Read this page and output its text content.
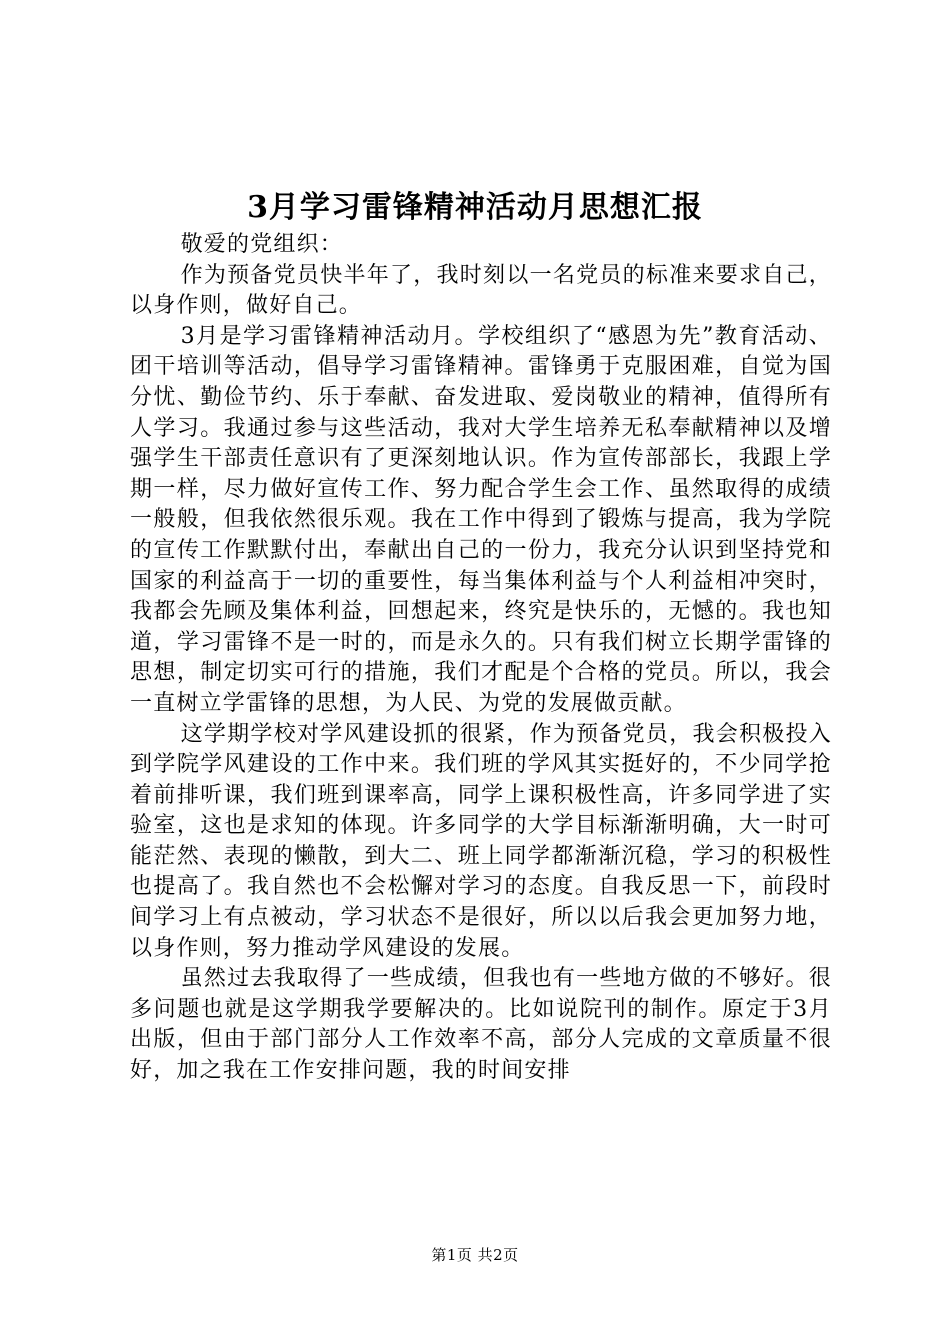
3月学习雷锋精神活动月思想汇报

敬爱的党组织：

作为预备党员快半年了，我时刻以一名党员的标准来要求自己，以身作则，做好自己。

3月是学习雷锋精神活动月。学校组织了“感恩为先”教育活动、团干培训等活动，倡导学习雷锋精神。雷锋勇于克服困难，自觉为国分忧、勤俭节约、乐于奉献、奋发进取、爱岗敬业的精神，值得所有人学习。我通过参与这些活动，我对大学生培养无私奉献精神以及增强学生干部责任意识有了更深刻地认识。作为宣传部部长，我跟上学期一样，尽力做好宣传工作、努力配合学生会工作、虽然取得的成绩一般般，但我依然很乐观。我在工作中得到了锻炼与提高，我为学院的宣传工作默默付出，奉献出自己的一份力，我充分认识到坚持党和国家的利益高于一切的重要性，每当集体利益与个人利益相冲突时，我都会先顾及集体利益，回想起来，终究是快乐的，无憾的。我也知道，学习雷锋不是一时的，而是永久的。只有我们树立长期学雷锋的思想，制定切实可行的措施，我们才配是个合格的党员。所以，我会一直树立学雷锋的思想，为人民、为党的发展做贡献。

这学期学校对学风建设抓的很紧，作为预备党员，我会积极投入到学院学风建设的工作中来。我们班的学风其实挺好的，不少同学抢着前排听课，我们班到课率高，同学上课积极性高，许多同学进了实验室，这也是求知的体现。许多同学的大学目标渐渐明确，大一时可能茫然、表现的懒散，到大二、班上同学都渐渐沉稳，学习的积极性也提高了。我自然也不会松懈对学习的态度。自我反思一下，前段时间学习上有点被动，学习状态不是很好，所以以后我会更加努力地，以身作则，努力推动学风建设的发展。

虽然过去我取得了一些成绩，但我也有一些地方做的不够好。很多问题也就是这学期我学要解决的。比如说院刊的制作。原定于3月出版，但由于部门部分人工作效率不高，部分人完成的文章质量不很好，加之我在工作安排问题，我的时间安排

第1页 共2页
